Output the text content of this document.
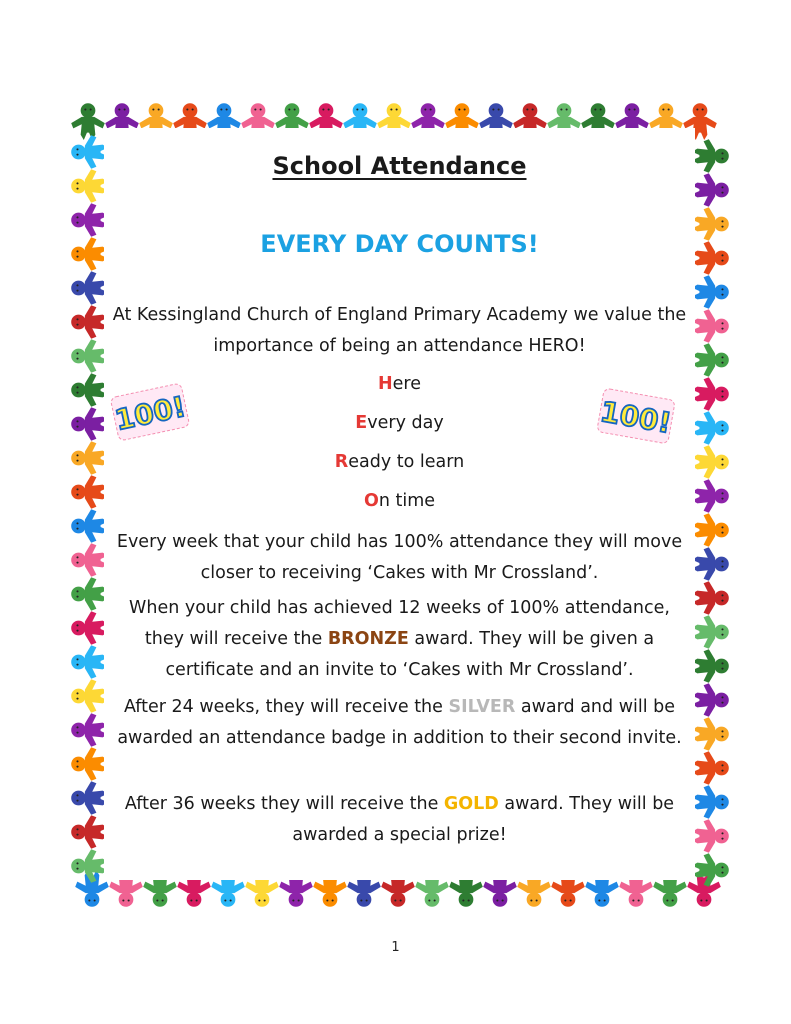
School Attendance
EVERY DAY COUNTS!
At Kessingland Church of England Primary Academy we value the importance of being an attendance HERO!
Here
Every day
Ready to learn
On time
100!	100!
Every week that your child has 100% attendance they will move closer to receiving ‘Cakes with Mr Crossland’.
When your child has achieved 12 weeks of 100% attendance, they will receive the BRONZE award. They will be given a certificate and an invite to ‘Cakes with Mr Crossland’.
After 24 weeks, they will receive the SILVER award and will be awarded an attendance badge in addition to their second invite.
After 36 weeks they will receive the GOLD award. They will be awarded a special prize!
1
